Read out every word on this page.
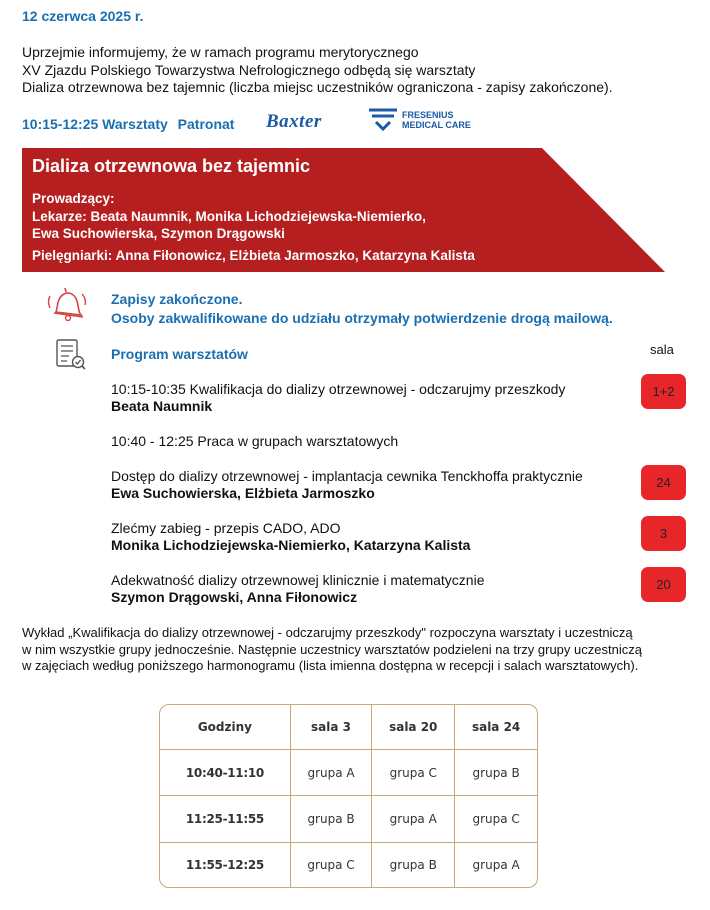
12 czerwca 2025 r.
Uprzejmie informujemy, że w ramach programu merytorycznego
XV Zjazdu Polskiego Towarzystwa Nefrologicznego odbędą się warsztaty
Dializa otrzewnowa bez tajemnic (liczba miejsc uczestników ograniczona - zapisy zakończone).
10:15-12:25 Warsztaty Patronat	Baxter	FRESENIUS
MEDICAL CARE
Dializa otrzewnowa bez tajemnic
Prowadzący:
Lekarze: Beata Naumnik, Monika Lichodziejewska-Niemierko,
Ewa Suchowierska, Szymon Drągowski
Pielęgniarki: Anna Fiłonowicz, Elżbieta Jarmoszko, Katarzyna Kalista
Zapisy zakończone.
Osoby zakwalifikowane do udziału otrzymały potwierdzenie drogą mailową.
Program warsztatów	sala
10:15-10:35 Kwalifikacja do dializy otrzewnowej - odczarujmy przeszkody
Beata Naumnik
1+2
10:40 - 12:25 Praca w grupach warsztatowych
Dostęp do dializy otrzewnowej - implantacja cewnika Tenckhoffa praktycznie
Ewa Suchowierska, Elżbieta Jarmoszko
24
Zlećmy zabieg - przepis CADO, ADO
Monika Lichodziejewska-Niemierko, Katarzyna Kalista
3
Adekwatność dializy otrzewnowej klinicznie i matematycznie
Szymon Drągowski, Anna Fiłonowicz
20
Wykład „Kwalifikacja do dializy otrzewnowej - odczarujmy przeszkody" rozpoczyna warsztaty i uczestniczą
w nim wszystkie grupy jednocześnie. Następnie uczestnicy warsztatów podzieleni na trzy grupy uczestniczą
w zajęciach według poniższego harmonogramu (lista imienna dostępna w recepcji i salach warsztatowych).
Godziny	sala 3	sala 20	sala 24
10:40-11:10	grupa A	grupa C	grupa B
11:25-11:55	grupa B	grupa A	grupa C
11:55-12:25	grupa C	grupa B	grupa A
